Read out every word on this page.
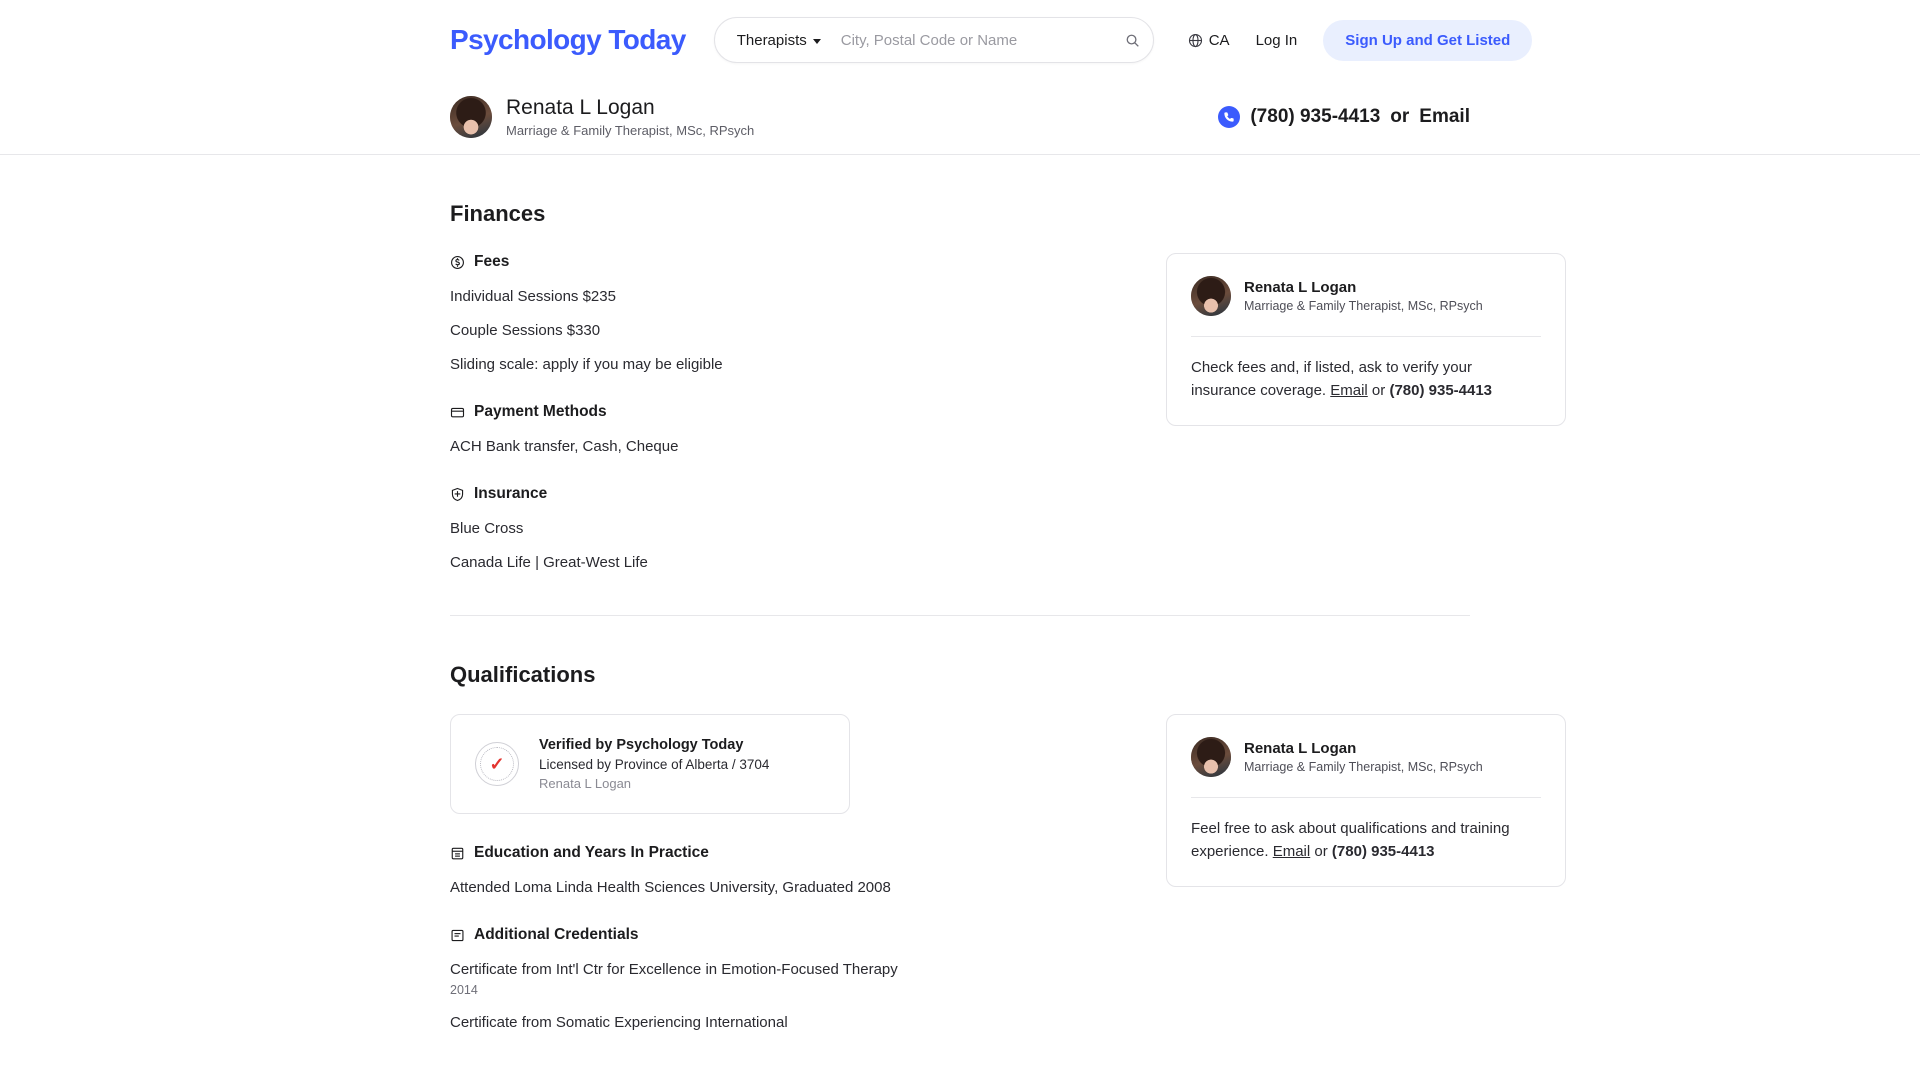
Psychology Today	Therapists
City, Postal Code or Name	CA Log In	Sign Up and Get Listed
Renata L Logan
Marriage & Family Therapist, MSc, RPsych
(780) 935-4413 or Email
Finances
Fees
Individual Sessions $235
Couple Sessions $330
Sliding scale: apply if you may be eligible
Payment Methods
ACH Bank transfer, Cash, Cheque
Insurance
Blue Cross
Canada Life | Great-West Life
Renata L Logan
Marriage & Family Therapist, MSc, RPsych
Check fees and, if listed, ask to verify your insurance coverage. Email or (780) 935-4413
Qualifications
✓
Verified by Psychology Today
Licensed by Province of Alberta / 3704
Renata L Logan
Education and Years In Practice
Attended Loma Linda Health Sciences University, Graduated 2008
Additional Credentials
Certificate from Int'l Ctr for Excellence in Emotion-Focused Therapy
2014
Certificate from Somatic Experiencing International
Renata L Logan
Marriage & Family Therapist, MSc, RPsych
Feel free to ask about qualifications and training experience. Email or (780) 935-4413
